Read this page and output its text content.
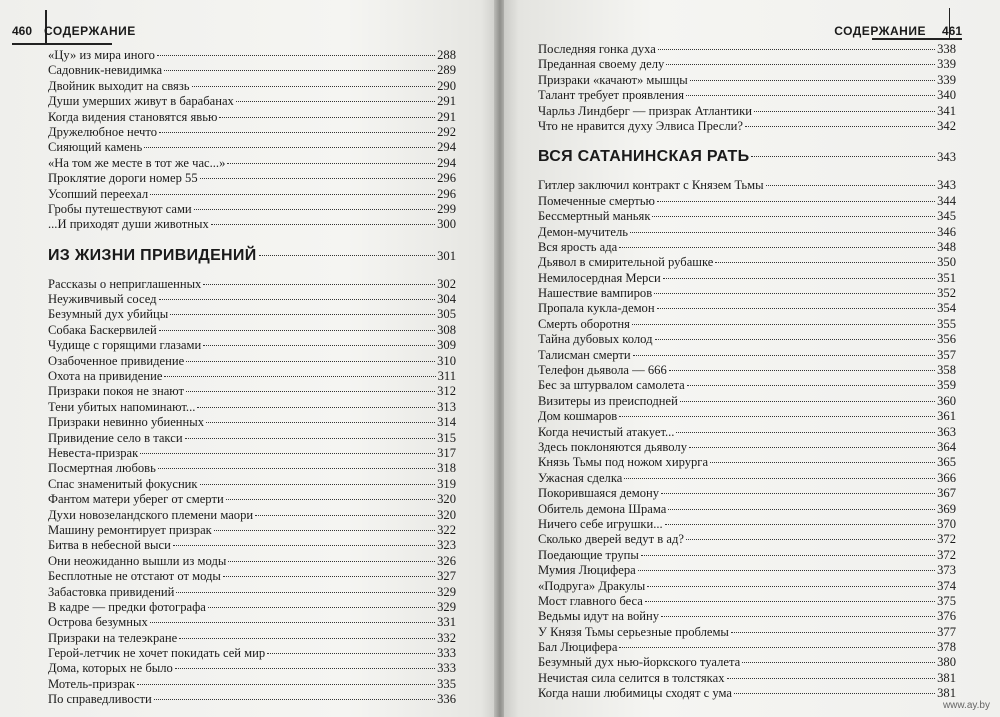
460 СОДЕРЖАНИЕ
«Цу» из мира иного	288
Садовник-невидимка	289
Двойник выходит на связь	290
Души умерших живут в барабанах	291
Когда видения становятся явью	291
Дружелюбное нечто	292
Сияющий камень	294
«На том же месте в тот же час...»	294
Проклятие дороги номер 55	296
Усопший переехал	296
Гробы путешествуют сами	299
...И приходят души животных	300
ИЗ ЖИЗНИ ПРИВИДЕНИЙ	301
Рассказы о неприглашенных	302
Неуживчивый сосед	304
Безумный дух убийцы	305
Собака Баскервилей	308
Чудище с горящими глазами	309
Озабоченное привидение	310
Охота на привидение	311
Призраки покоя не знают	312
Тени убитых напоминают...	313
Призраки невинно убиенных	314
Привидение село в такси	315
Невеста-призрак	317
Посмертная любовь	318
Спас знаменитый фокусник	319
Фантом матери уберег от смерти	320
Духи новозеландского племени маори	320
Машину ремонтирует призрак	322
Битва в небесной выси	323
Они неожиданно вышли из моды	326
Бесплотные не отстают от моды	327
Забастовка привидений	329
В кадре — предки фотографа	329
Острова безумных	331
Призраки на телеэкране	332
Герой-летчик не хочет покидать сей мир	333
Дома, которых не было	333
Мотель-призрак	335
По справедливости	336
СОДЕРЖАНИЕ 461
Последняя гонка духа	338
Преданная своему делу	339
Призраки «качают» мышцы	339
Талант требует проявления	340
Чарльз Линдберг — призрак Атлантики	341
Что не нравится духу Элвиса Пресли?	342
ВСЯ САТАНИНСКАЯ РАТЬ	343
Гитлер заключил контракт с Князем Тьмы	343
Помеченные смертью	344
Бессмертный маньяк	345
Демон-мучитель	346
Вся ярость ада	348
Дьявол в смирительной рубашке	350
Немилосердная Мерси	351
Нашествие вампиров	352
Пропала кукла-демон	354
Смерть оборотня	355
Тайна дубовых колод	356
Талисман смерти	357
Телефон дьявола — 666	358
Бес за штурвалом самолета	359
Визитеры из преисподней	360
Дом кошмаров	361
Когда нечистый атакует...	363
Здесь поклоняются дьяволу	364
Князь Тьмы под ножом хирурга	365
Ужасная сделка	366
Покорившаяся демону	367
Обитель демона Шрама	369
Ничего себе игрушки...	370
Сколько дверей ведут в ад?	372
Поедающие трупы	372
Мумия Люцифера	373
«Подруга» Дракулы	374
Мост главного беса	375
Ведьмы идут на войну	376
У Князя Тьмы серьезные проблемы	377
Бал Люцифера	378
Безумный дух нью-йоркского туалета	380
Нечистая сила селится в толстяках	381
Когда наши любимицы сходят с ума	381
www.ay.by
